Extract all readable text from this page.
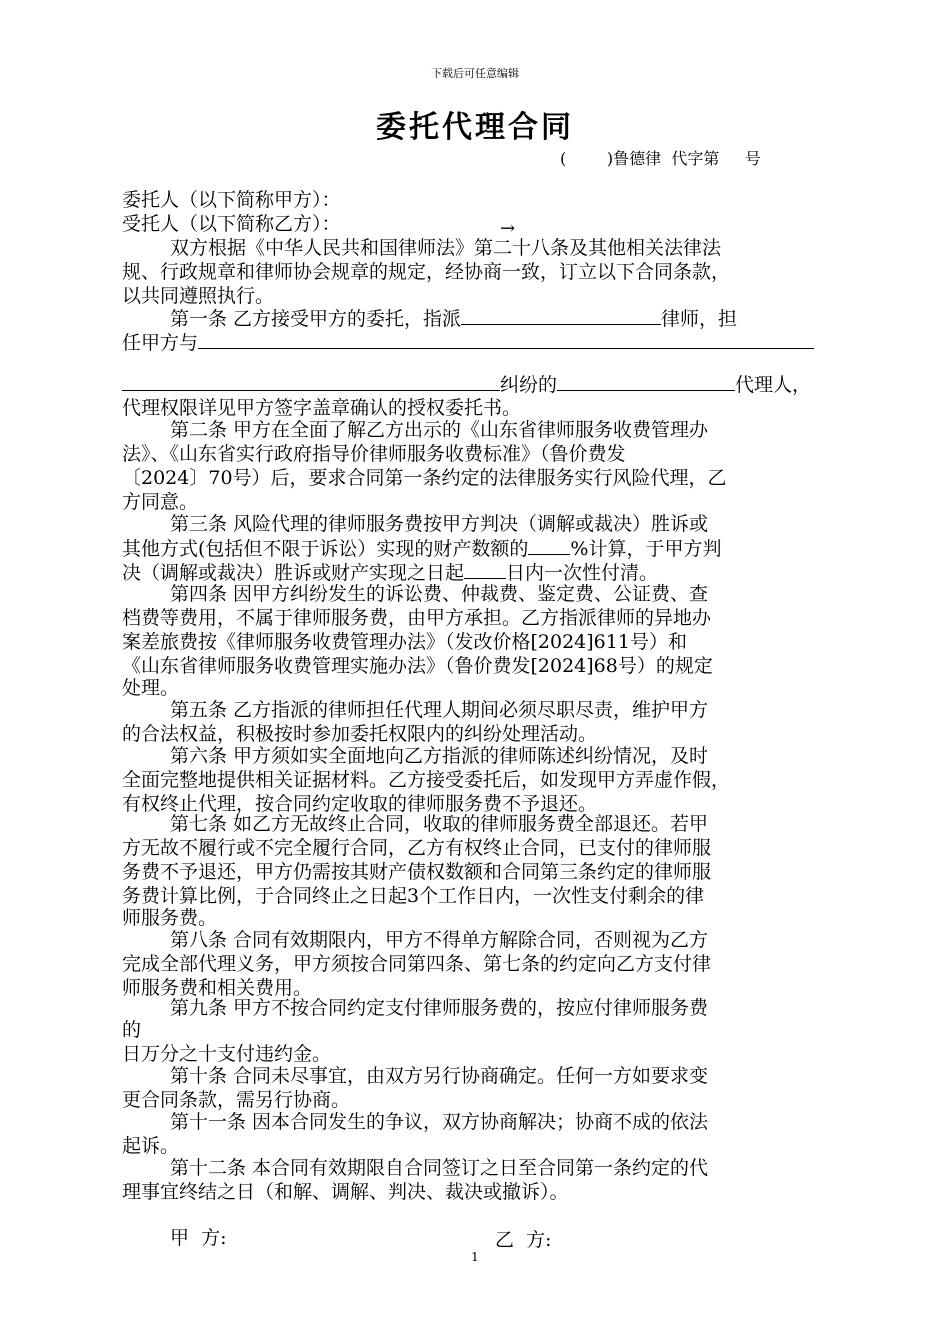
下载后可任意编辑
委托代理合同
(        )鲁德律  代字第     号
委托人（以下简称甲方）：
受托人（以下简称乙方）：	→
双方根据《中华人民共和国律师法》第二十八条及其他相关法律法
规、行政规章和律师协会规章的规定，经协商一致，订立以下合同条款，
以共同遵照执行。
第一条 乙方接受甲方的委托，指派	律师，担
任甲方与
纠纷的	代理人，
代理权限详见甲方签字盖章确认的授权委托书。
第二条 甲方在全面了解乙方出示的《山东省律师服务收费管理办
法》、《山东省实行政府指导价律师服务收费标准》（鲁价费发
〔2024〕70号）后，要求合同第一条约定的法律服务实行风险代理，乙
方同意。
第三条 风险代理的律师服务费按甲方判决（调解或裁决）胜诉或
其他方式(包括但不限于诉讼）实现的财产数额的 %计算，于甲方判
决（调解或裁决）胜诉或财产实现之日起 日内一次性付清。
第四条 因甲方纠纷发生的诉讼费、仲裁费、鉴定费、公证费、查
档费等费用，不属于律师服务费，由甲方承担。乙方指派律师的异地办
案差旅费按《律师服务收费管理办法》（发改价格[2024]611号）和
《山东省律师服务收费管理实施办法》（鲁价费发[2024]68号）的规定
处理。
第五条 乙方指派的律师担任代理人期间必须尽职尽责，维护甲方
的合法权益，积极按时参加委托权限内的纠纷处理活动。
第六条 甲方须如实全面地向乙方指派的律师陈述纠纷情况，及时
全面完整地提供相关证据材料。乙方接受委托后，如发现甲方弄虚作假，
有权终止代理，按合同约定收取的律师服务费不予退还。
第七条 如乙方无故终止合同，收取的律师服务费全部退还。若甲
方无故不履行或不完全履行合同，乙方有权终止合同，已支付的律师服
务费不予退还，甲方仍需按其财产债权数额和合同第三条约定的律师服
务费计算比例，于合同终止之日起3个工作日内，一次性支付剩余的律
师服务费。
第八条 合同有效期限内，甲方不得单方解除合同，否则视为乙方
完成全部代理义务，甲方须按合同第四条、第七条的约定向乙方支付律
师服务费和相关费用。
第九条 甲方不按合同约定支付律师服务费的，按应付律师服务费
的
日万分之十支付违约金。
第十条 合同未尽事宜，由双方另行协商确定。任何一方如要求变
更合同条款，需另行协商。
第十一条 因本合同发生的争议，双方协商解决；协商不成的依法
起诉。
第十二条 本合同有效期限自合同签订之日至合同第一条约定的代
理事宜终结之日（和解、调解、判决、裁决或撤诉）。
甲  方:	乙  方:
1
